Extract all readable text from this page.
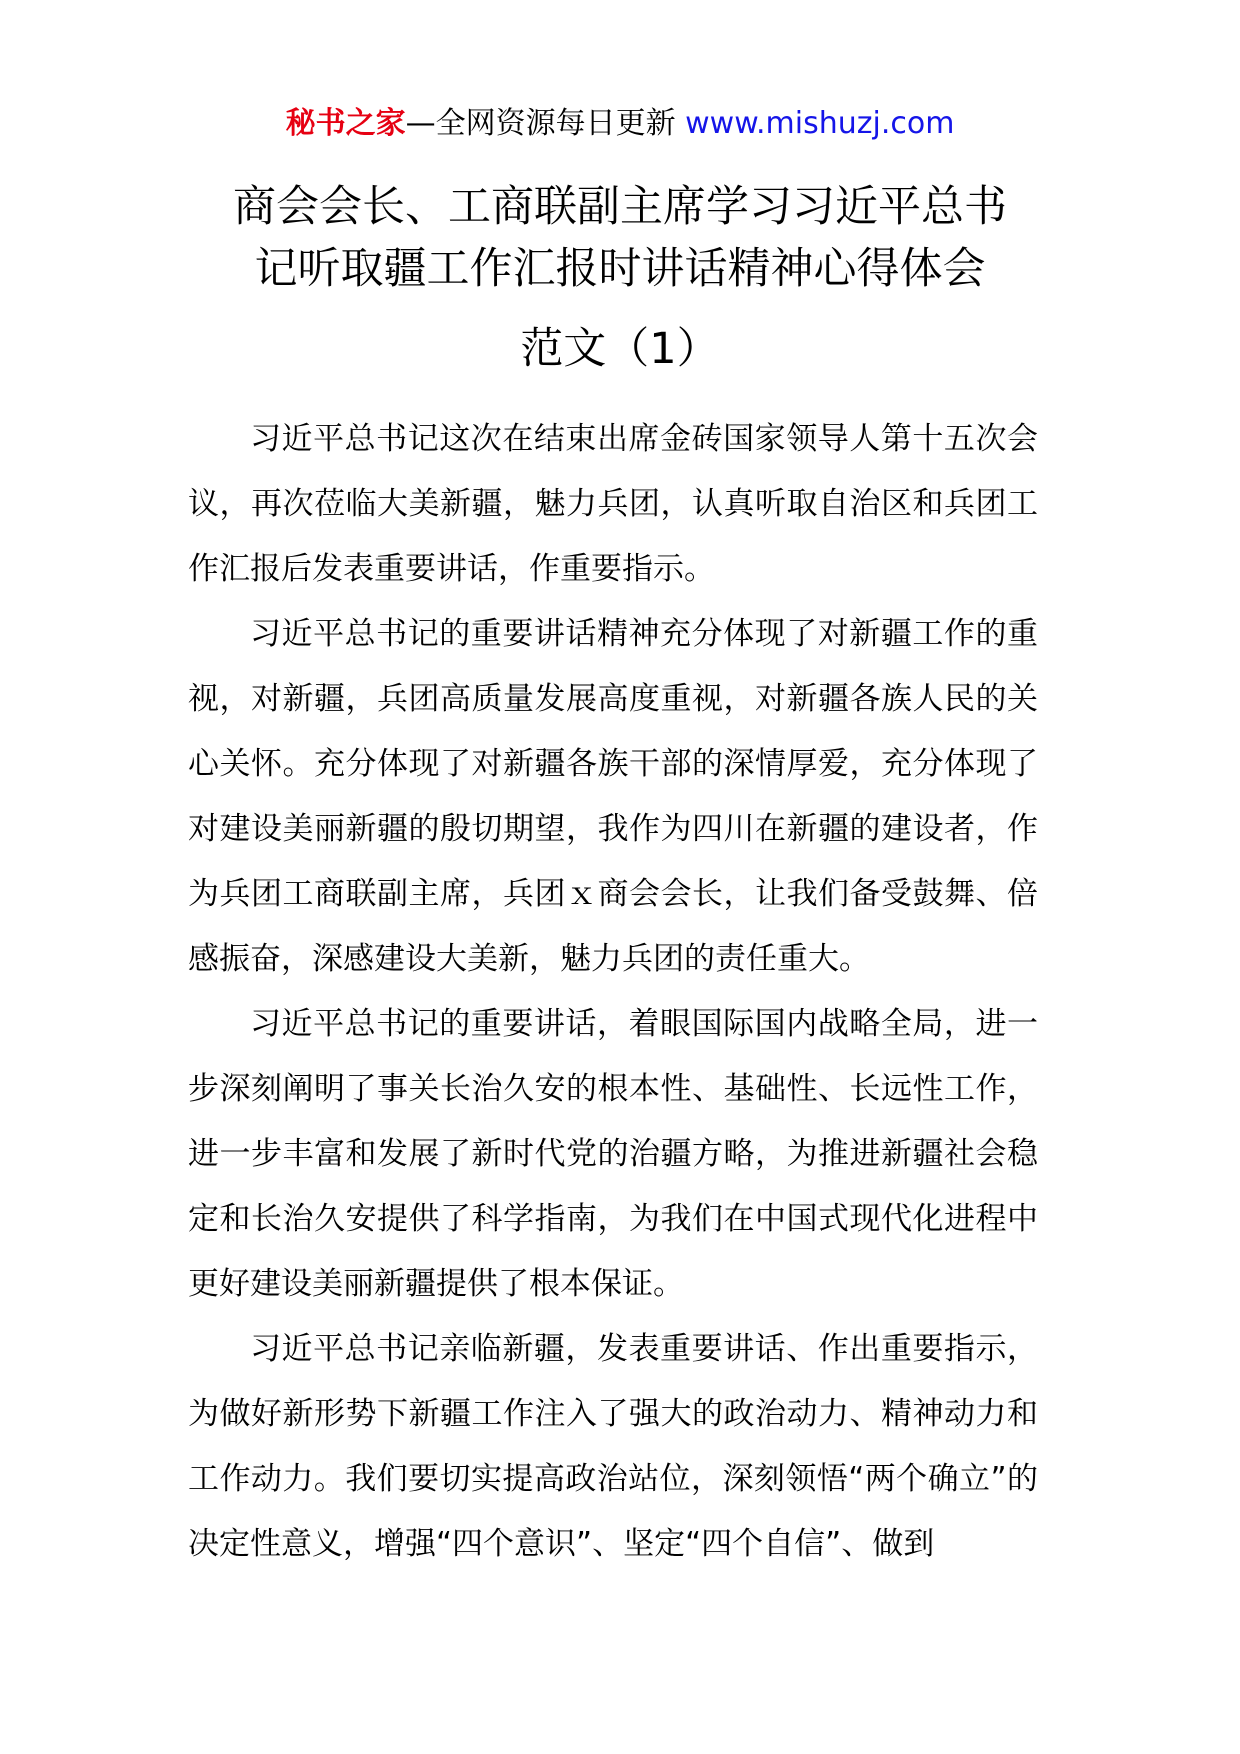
秘书之家—全网资源每日更新 www.mishuzj.com
商会会长、工商联副主席学习习近平总书
记听取疆工作汇报时讲话精神心得体会
范文（1）

习近平总书记这次在结束出席金砖国家领导人第十五次会议，再次莅临大美新疆，魅力兵团，认真听取自治区和兵团工作汇报后发表重要讲话，作重要指示。

习近平总书记的重要讲话精神充分体现了对新疆工作的重视，对新疆，兵团高质量发展高度重视，对新疆各族人民的关心关怀。充分体现了对新疆各族干部的深情厚爱，充分体现了对建设美丽新疆的殷切期望，我作为四川在新疆的建设者，作为兵团工商联副主席，兵团ｘ商会会长，让我们备受鼓舞、倍感振奋，深感建设大美新，魅力兵团的责任重大。

习近平总书记的重要讲话，着眼国际国内战略全局，进一步深刻阐明了事关长治久安的根本性、基础性、长远性工作，进一步丰富和发展了新时代党的治疆方略，为推进新疆社会稳定和长治久安提供了科学指南，为我们在中国式现代化进程中更好建设美丽新疆提供了根本保证。

习近平总书记亲临新疆，发表重要讲话、作出重要指示，为做好新形势下新疆工作注入了强大的政治动力、精神动力和工作动力。我们要切实提高政治站位，深刻领悟“两个确立”的决定性意义，增强“四个意识”、坚定“四个自信”、做到
